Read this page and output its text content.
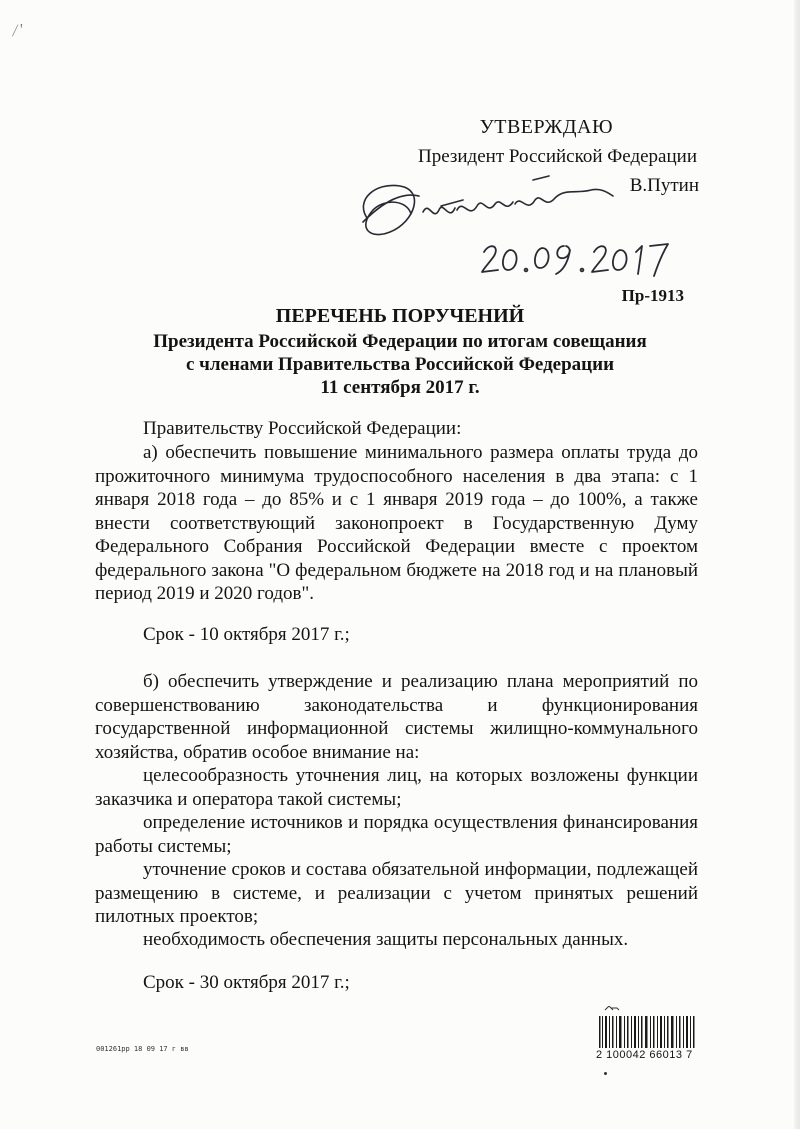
⁄ ʹ
УТВЕРЖДАЮ
Президент Российской Федерации
В.Путин
Пр-1913
ПЕРЕЧЕНЬ ПОРУЧЕНИЙ
Президента Российской Федерации по итогам совещания
с членами Правительства Российской Федерации
11 сентября 2017 г.
Правительству Российской Федерации:
а) обеспечить повышение минимального размера оплаты труда до прожиточного минимума трудоспособного населения в два этапа: с 1 января 2018 года – до 85% и с 1 января 2019 года – до 100%, а также внести соответствующий законопроект в Государственную Думу Федерального Собрания Российской Федерации вместе с проектом федерального закона "О федеральном бюджете на 2018 год и на плановый период 2019 и 2020 годов".
Срок - 10 октября 2017 г.;
б) обеспечить утверждение и реализацию плана мероприятий по совершенствованию законодательства и функционирования государственной информационной системы жилищно-коммунального хозяйства, обратив особое внимание на:
целесообразность уточнения лиц, на которых возложены функции заказчика и оператора такой системы;
определение источников и порядка осуществления финансирования работы системы;
уточнение сроков и состава обязательной информации, подлежащей размещению в системе, и реализации с учетом принятых решений пилотных проектов;
необходимость обеспечения защиты персональных данных.
Срок - 30 октября 2017 г.;
001261рр 18 09 17 г вв	2 100042 66013 7
